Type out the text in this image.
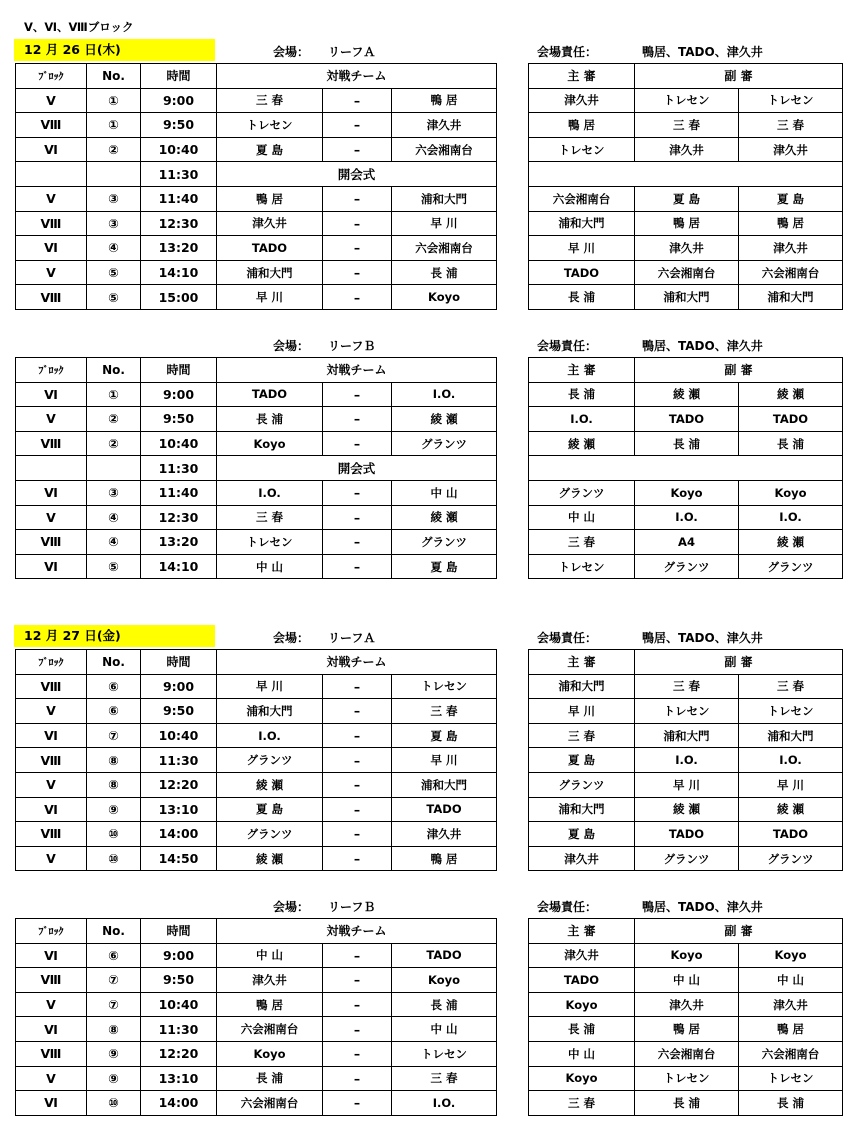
Ⅴ、Ⅵ、Ⅷブロック
12 月 26 日(木)	会場： リーフＡ	会場責任：	鴨居、TADO、津久井
ﾌﾞﾛｯｸ	No.	時間	対戦チーム		
Ⅴ	①	9:00	三 春	–	鴨 居
Ⅷ	①	9:50	トレセン	–	津久井
Ⅵ	②	10:40	夏 島	–	六会湘南台
		11:30	開会式		
Ⅴ	③	11:40	鴨 居	–	浦和大門
Ⅷ	③	12:30	津久井	–	早 川
Ⅵ	④	13:20	TADO	–	六会湘南台
Ⅴ	⑤	14:10	浦和大門	–	長 浦
Ⅷ	⑤	15:00	早 川	–	Koyo
主 審	副 審	
津久井	トレセン	トレセン
鴨 居	三 春	三 春
トレセン	津久井	津久井

六会湘南台	夏 島	夏 島
浦和大門	鴨 居	鴨 居
早 川	津久井	津久井
TADO	六会湘南台	六会湘南台
長 浦	浦和大門	浦和大門
会場： リーフＢ	会場責任：	鴨居、TADO、津久井
ﾌﾞﾛｯｸ	No.	時間	対戦チーム		
Ⅵ	①	9:00	TADO	–	I.O.
Ⅴ	②	9:50	長 浦	–	綾 瀬
Ⅷ	②	10:40	Koyo	–	グランツ
		11:30	開会式		
Ⅵ	③	11:40	I.O.	–	中 山
Ⅴ	④	12:30	三 春	–	綾 瀬
Ⅷ	④	13:20	トレセン	–	グランツ
Ⅵ	⑤	14:10	中 山	–	夏 島
主 審	副 審	
長 浦	綾 瀬	綾 瀬
I.O.	TADO	TADO
綾 瀬	長 浦	長 浦

グランツ	Koyo	Koyo
中 山	I.O.	I.O.
三 春	A4	綾 瀬
トレセン	グランツ	グランツ
12 月 27 日(金)	会場： リーフＡ	会場責任：	鴨居、TADO、津久井
ﾌﾞﾛｯｸ	No.	時間	対戦チーム		
Ⅷ	⑥	9:00	早 川	–	トレセン
Ⅴ	⑥	9:50	浦和大門	–	三 春
Ⅵ	⑦	10:40	I.O.	–	夏 島
Ⅷ	⑧	11:30	グランツ	–	早 川
Ⅴ	⑧	12:20	綾 瀬	–	浦和大門
Ⅵ	⑨	13:10	夏 島	–	TADO
Ⅷ	⑩	14:00	グランツ	–	津久井
Ⅴ	⑩	14:50	綾 瀬	–	鴨 居
主 審	副 審	
浦和大門	三 春	三 春
早 川	トレセン	トレセン
三 春	浦和大門	浦和大門
夏 島	I.O.	I.O.
グランツ	早 川	早 川
浦和大門	綾 瀬	綾 瀬
夏 島	TADO	TADO
津久井	グランツ	グランツ
会場： リーフＢ	会場責任：	鴨居、TADO、津久井
ﾌﾞﾛｯｸ	No.	時間	対戦チーム		
Ⅵ	⑥	9:00	中 山	–	TADO
Ⅷ	⑦	9:50	津久井	–	Koyo
Ⅴ	⑦	10:40	鴨 居	–	長 浦
Ⅵ	⑧	11:30	六会湘南台	–	中 山
Ⅷ	⑨	12:20	Koyo	–	トレセン
Ⅴ	⑨	13:10	長 浦	–	三 春
Ⅵ	⑩	14:00	六会湘南台	–	I.O.
主 審	副 審	
津久井	Koyo	Koyo
TADO	中 山	中 山
Koyo	津久井	津久井
長 浦	鴨 居	鴨 居
中 山	六会湘南台	六会湘南台
Koyo	トレセン	トレセン
三 春	長 浦	長 浦
